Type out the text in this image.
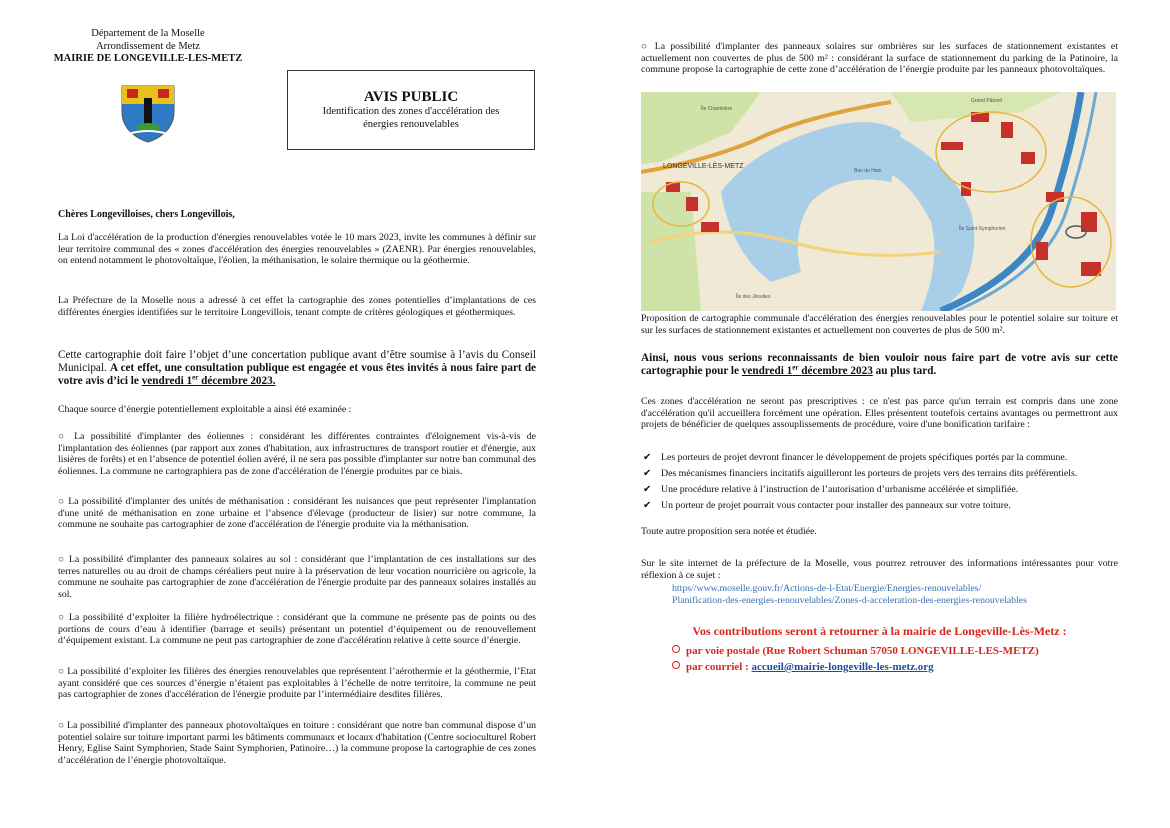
Département de la Moselle
Arrondissement de Metz
MAIRIE DE LONGEVILLE-LES-METZ
AVIS PUBLIC
Identification des zones d'accélération des
énergies renouvelables
Chères Longevilloises, chers Longevillois,

La Loi d'accélération de la production d'énergies renouvelables votée le 10 mars 2023, invite les communes à définir sur leur territoire communal des « zones d'accélération des énergies renouvelables » (ZAENR). Par énergies renouvelables, on entend notamment le photovoltaïque, l'éolien, la méthanisation, le solaire thermique ou la géothermie.

La Préfecture de la Moselle nous a adressé à cet effet la cartographie des zones potentielles d’implantations de ces différentes énergies identifiées sur le territoire Longevillois, tenant compte de critères géologiques et géothermiques.

Cette cartographie doit faire l’objet d’une concertation publique avant d’être soumise à l’avis du Conseil Municipal. A cet effet, une consultation publique est engagée et vous êtes invités à nous faire part de votre avis d’ici le vendredi 1er décembre 2023.

Chaque source d’énergie potentiellement exploitable a ainsi été examinée :

○ La possibilité d'implanter des éoliennes : considérant les différentes contraintes d'éloignement vis-à-vis de l'implantation des éoliennes (par rapport aux zones d'habitation, aux infrastructures de transport routier et d'énergie, aux lisières de forêts) et en l’absence de potentiel éolien avéré, il ne sera pas possible d'implanter sur notre ban communal des éoliennes. La commune ne cartographiera pas de zone d'accélération de l'énergie produites par ce biais.

○ La possibilité d'implanter des unités de méthanisation : considérant les nuisances que peut représenter l'implantation d'une unité de méthanisation en zone urbaine et l’absence d'élevage (producteur de lisier) sur notre commune, la commune ne souhaite pas cartographier de zone d'accélération de l'énergie produite via la méthanisation.

○ La possibilité d'implanter des panneaux solaires au sol : considérant que l’implantation de ces installations sur des terres naturelles ou au droit de champs céréaliers peut nuire à la préservation de leur vocation nourricière ou agricole, la commune ne souhaite pas cartographier de zone d'accélération de l'énergie produite par des panneaux solaires installés au sol.

○ La possibilité d’exploiter la filière hydroélectrique : considérant que la commune ne présente pas de points ou des portions de cours d’eau à identifier (barrage et seuils) présentant un potentiel d’équipement ou de renouvellement d’équipement existant. La commune ne peut pas cartographier de zone d'accélération relative à cette source d’énergie.

○ La possibilité d’exploiter les filières des énergies renouvelables que représentent l’aérothermie et la géothermie, l’Etat ayant considéré que ces sources d’énergie n’étaient pas exploitables à l’échelle de notre territoire, la commune ne peut pas cartographier de zones d'accélération de l'énergie produite par l’intermédiaire desdites filières.

○ La possibilité d'implanter des panneaux photovoltaïques en toiture : considérant que notre ban communal dispose d’un potentiel solaire sur toiture important parmi les bâtiments communaux et locaux d'habitation (Centre socioculturel Robert Henry, Eglise Saint Symphorien, Stade Saint Symphorien, Patinoire…) la commune propose la cartographie de ces zones d’accélération de l’énergie photovoltaïque.

○ La possibilité d'implanter des panneaux solaires sur ombrières sur les surfaces de stationnement existantes et actuellement non couvertes de plus de 500 m² : considérant la surface de stationnement du parking de la Patinoire, la commune propose la cartographie de cette zone d’accélération de l’énergie produite par les panneaux photovoltaïques.

LONGEVILLE-LÈS-METZ
Ban de Hain
Île Saint-Symphorien
Île des Jésuites
Île Chambière
Grand Pâturel

Proposition de cartographie communale d'accélération des énergies renouvelables pour le potentiel solaire sur toiture et sur les surfaces de stationnement existantes et actuellement non couvertes de plus de 500 m².

Ainsi, nous vous serions reconnaissants de bien vouloir nous faire part de votre avis sur cette cartographie pour le vendredi 1er décembre 2023 au plus tard.

Ces zones d'accélération ne seront pas prescriptives : ce n'est pas parce qu'un terrain est compris dans une zone d'accélération qu'il accueillera forcément une opération. Elles présentent toutefois certains avantages ou permettront aux projets de bénéficier de quelques assouplissements de procédure, voire d'une bonification tarifaire :

✔ Les porteurs de projet devront financer le développement de projets spécifiques portés par la commune.
✔ Des mécanismes financiers incitatifs aiguilleront les porteurs de projets vers des terrains dits préférentiels.
✔ Une procédure relative à l’instruction de l’autorisation d’urbanisme accélérée et simplifiée.
✔ Un porteur de projet pourrait vous contacter pour installer des panneaux sur votre toiture.

Toute autre proposition sera notée et étudiée.

Sur le site internet de la préfecture de la Moselle, vous pourrez retrouver des informations intéressantes pour votre réflexion à ce sujet :

https//www.moselle.gouv.fr/Actions-de-l-Etat/Energie/Energies-renouvelables/
Planification-des-energies-renouvelables/Zones-d-acceleration-des-energies-renouvelables
Vos contributions seront à retourner à la mairie de Longeville-Lès-Metz :
par voie postale (Rue Robert Schuman 57050 LONGEVILLE-LES-METZ)
par courriel : accueil@mairie-longeville-les-metz.org
